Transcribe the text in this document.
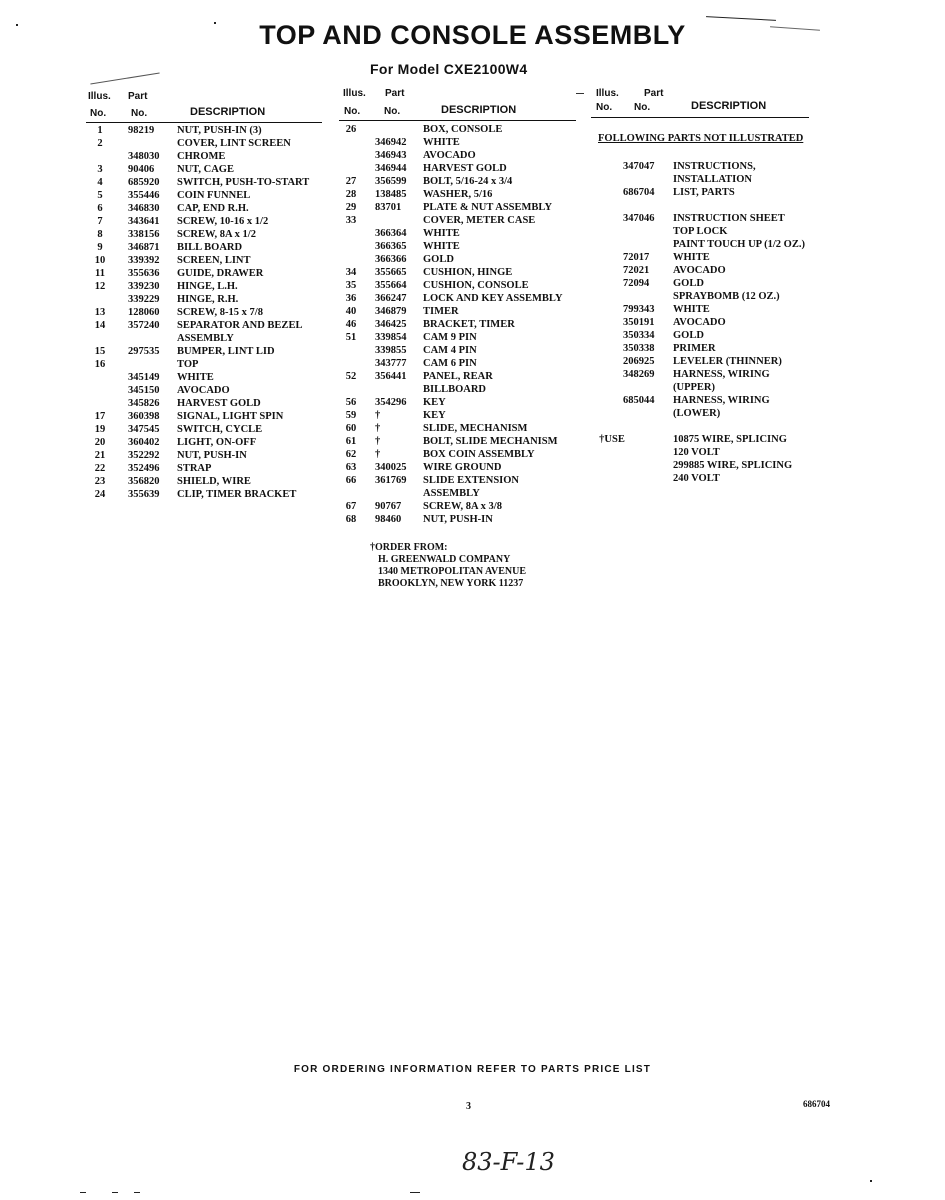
TOP AND CONSOLE ASSEMBLY
For Model CXE2100W4
Illus. Part
No. No.	DESCRIPTION
Illus. Part
No. No.	DESCRIPTION
Illus.	Part
No. No.	DESCRIPTION
FOLLOWING PARTS NOT ILLUSTRATED
1	98219 NUT, PUSH-IN (3)
2	COVER, LINT SCREEN
348030 CHROME
3	90406 NUT, CAGE
4	685920 SWITCH, PUSH-TO-START
5	355446 COIN FUNNEL
6	346830 CAP, END R.H.
7	343641 SCREW, 10-16 x 1/2
8	338156 SCREW, 8A x 1/2
9	346871 BILL BOARD
10 339392 SCREEN, LINT
11 355636 GUIDE, DRAWER
12 339230 HINGE, L.H.
339229 HINGE, R.H.
13 128060 SCREW, 8-15 x 7/8
14 357240 SEPARATOR AND BEZEL
ASSEMBLY
15 297535 BUMPER, LINT LID
16	TOP
345149 WHITE
345150 AVOCADO
345826 HARVEST GOLD
17 360398 SIGNAL, LIGHT SPIN
19 347545 SWITCH, CYCLE
20 360402 LIGHT, ON-OFF
21 352292 NUT, PUSH-IN
22 352496 STRAP
23 356820 SHIELD, WIRE
24 355639 CLIP, TIMER BRACKET
26	BOX, CONSOLE
346942 WHITE
346943 AVOCADO
346944 HARVEST GOLD
27 356599 BOLT, 5/16-24 x 3/4
28 138485 WASHER, 5/16
29 83701 PLATE & NUT ASSEMBLY
33	COVER, METER CASE
366364 WHITE
366365 WHITE
366366 GOLD
34 355665 CUSHION, HINGE
35 355664 CUSHION, CONSOLE
36 366247 LOCK AND KEY ASSEMBLY
40 346879 TIMER
46 346425 BRACKET, TIMER
51 339854 CAM 9 PIN
339855 CAM 4 PIN
343777 CAM 6 PIN
52 356441 PANEL, REAR
BILLBOARD
56 354296 KEY
59 †	KEY
60 †	SLIDE, MECHANISM
61 †	BOLT, SLIDE MECHANISM
62 †	BOX COIN ASSEMBLY
63 340025 WIRE GROUND
66 361769 SLIDE EXTENSION
ASSEMBLY
67 90767 SCREW, 8A x 3/8
68 98460 NUT, PUSH-IN
347047 INSTRUCTIONS,
INSTALLATION
686704 LIST, PARTS
347046 INSTRUCTION SHEET
TOP LOCK
PAINT TOUCH UP (1/2 OZ.)
72017 WHITE
72021 AVOCADO
72094 GOLD
SPRAYBOMB (12 OZ.)
799343 WHITE
350191 AVOCADO
350334 GOLD
350338 PRIMER
206925 LEVELER (THINNER)
348269 HARNESS, WIRING
(UPPER)
685044 HARNESS, WIRING
(LOWER)
†USE	10875 WIRE, SPLICING
120 VOLT
299885 WIRE, SPLICING
240 VOLT
†ORDER FROM:
H. GREENWALD COMPANY
1340 METROPOLITAN AVENUE
BROOKLYN, NEW YORK 11237
FOR ORDERING INFORMATION REFER TO PARTS PRICE LIST
3	686704
83-F-13
